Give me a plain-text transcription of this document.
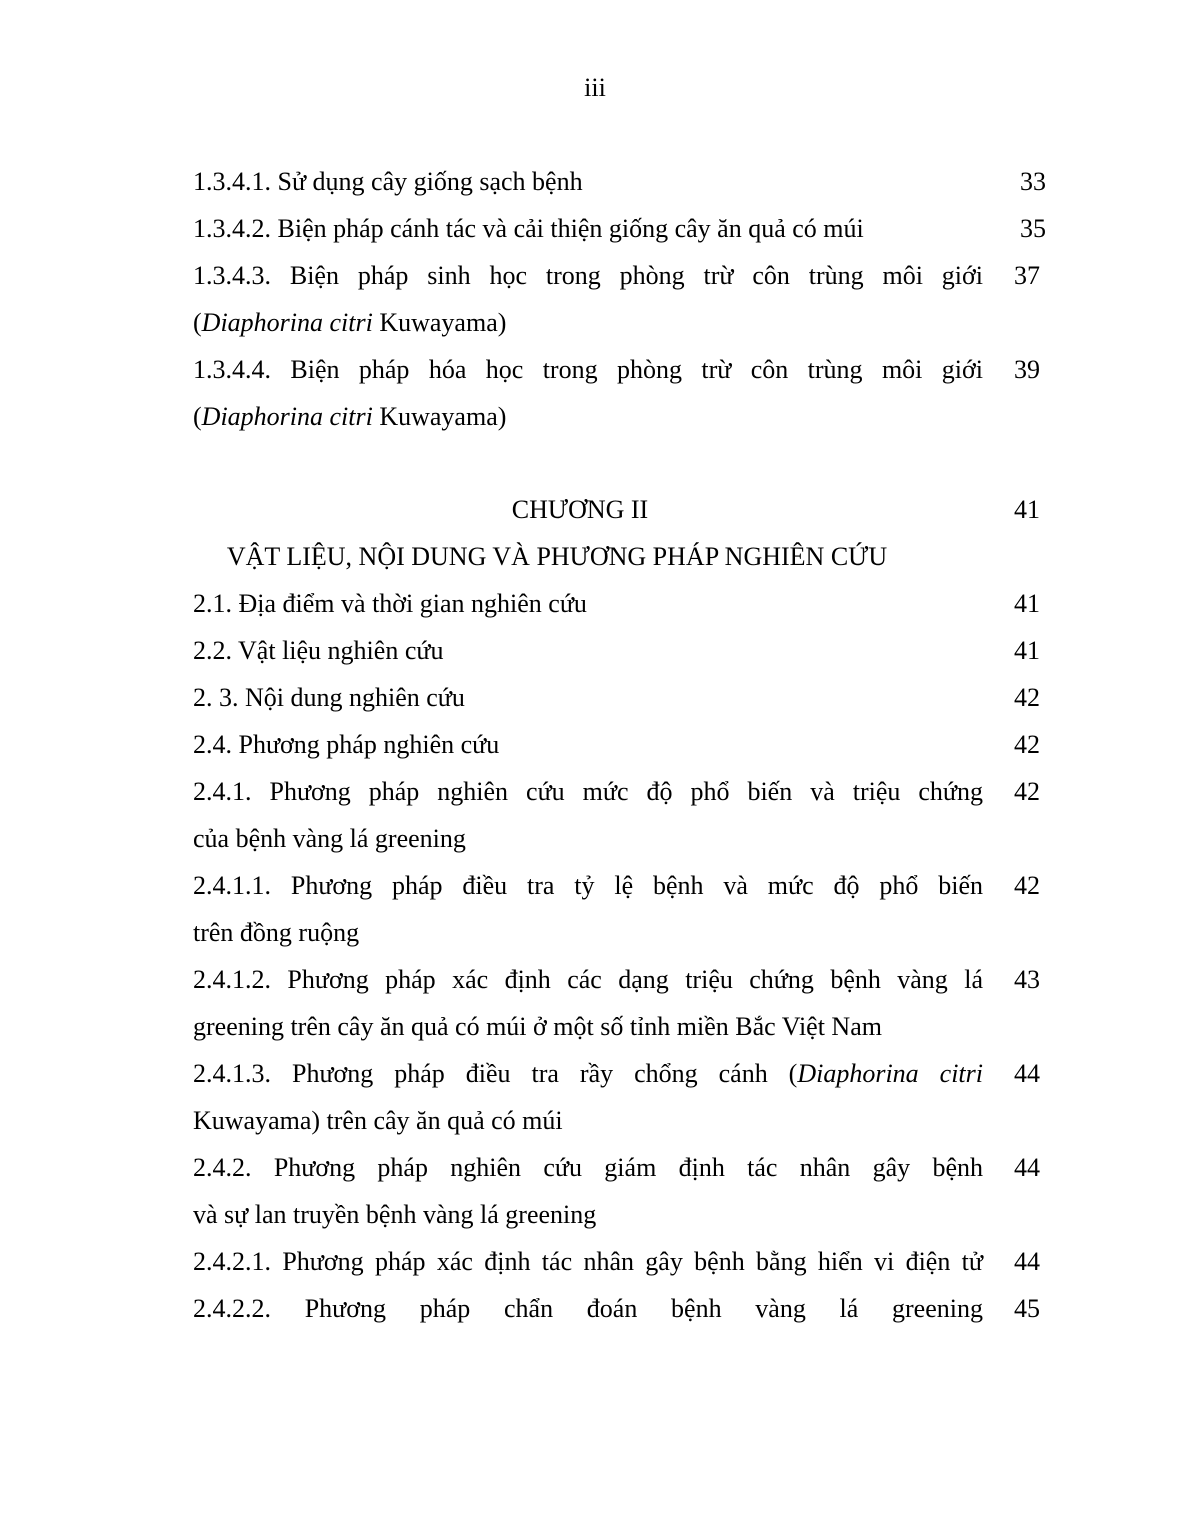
iii
1.3.4.1. Sử dụng cây giống sạch bệnh	33
1.3.4.2. Biện pháp cánh tác và cải thiện giống cây ăn quả có múi	35
1.3.4.3. Biện pháp sinh học trong phòng trừ côn trùng môi giới	37
(Diaphorina citri Kuwayama)
1.3.4.4. Biện pháp hóa học trong phòng trừ côn trùng môi giới	39
(Diaphorina citri Kuwayama)
CHƯƠNG II	41
VẬT LIỆU, NỘI DUNG VÀ PHƯƠNG PHÁP NGHIÊN CỨU
2.1. Địa điểm và thời gian nghiên cứu	41
2.2. Vật liệu nghiên cứu	41
2. 3. Nội dung nghiên cứu	42
2.4. Phương pháp nghiên cứu	42
2.4.1. Phương pháp nghiên cứu mức độ phổ biến và triệu chứng	42
của bệnh vàng lá greening
2.4.1.1. Phương pháp điều tra tỷ lệ bệnh và mức độ phổ biến	42
trên đồng ruộng
2.4.1.2. Phương pháp xác định các dạng triệu chứng bệnh vàng lá	43
greening trên cây ăn quả có múi ở một số tỉnh miền Bắc Việt Nam
2.4.1.3. Phương pháp điều tra rầy chổng cánh (Diaphorina citri	44
Kuwayama) trên cây ăn quả có múi
2.4.2. Phương pháp nghiên cứu giám định tác nhân gây bệnh	44
và sự lan truyền bệnh vàng lá greening
2.4.2.1. Phương pháp xác định tác nhân gây bệnh bằng hiển vi điện tử	44
2.4.2.2. Phương pháp chẩn đoán bệnh vàng lá greening	45
